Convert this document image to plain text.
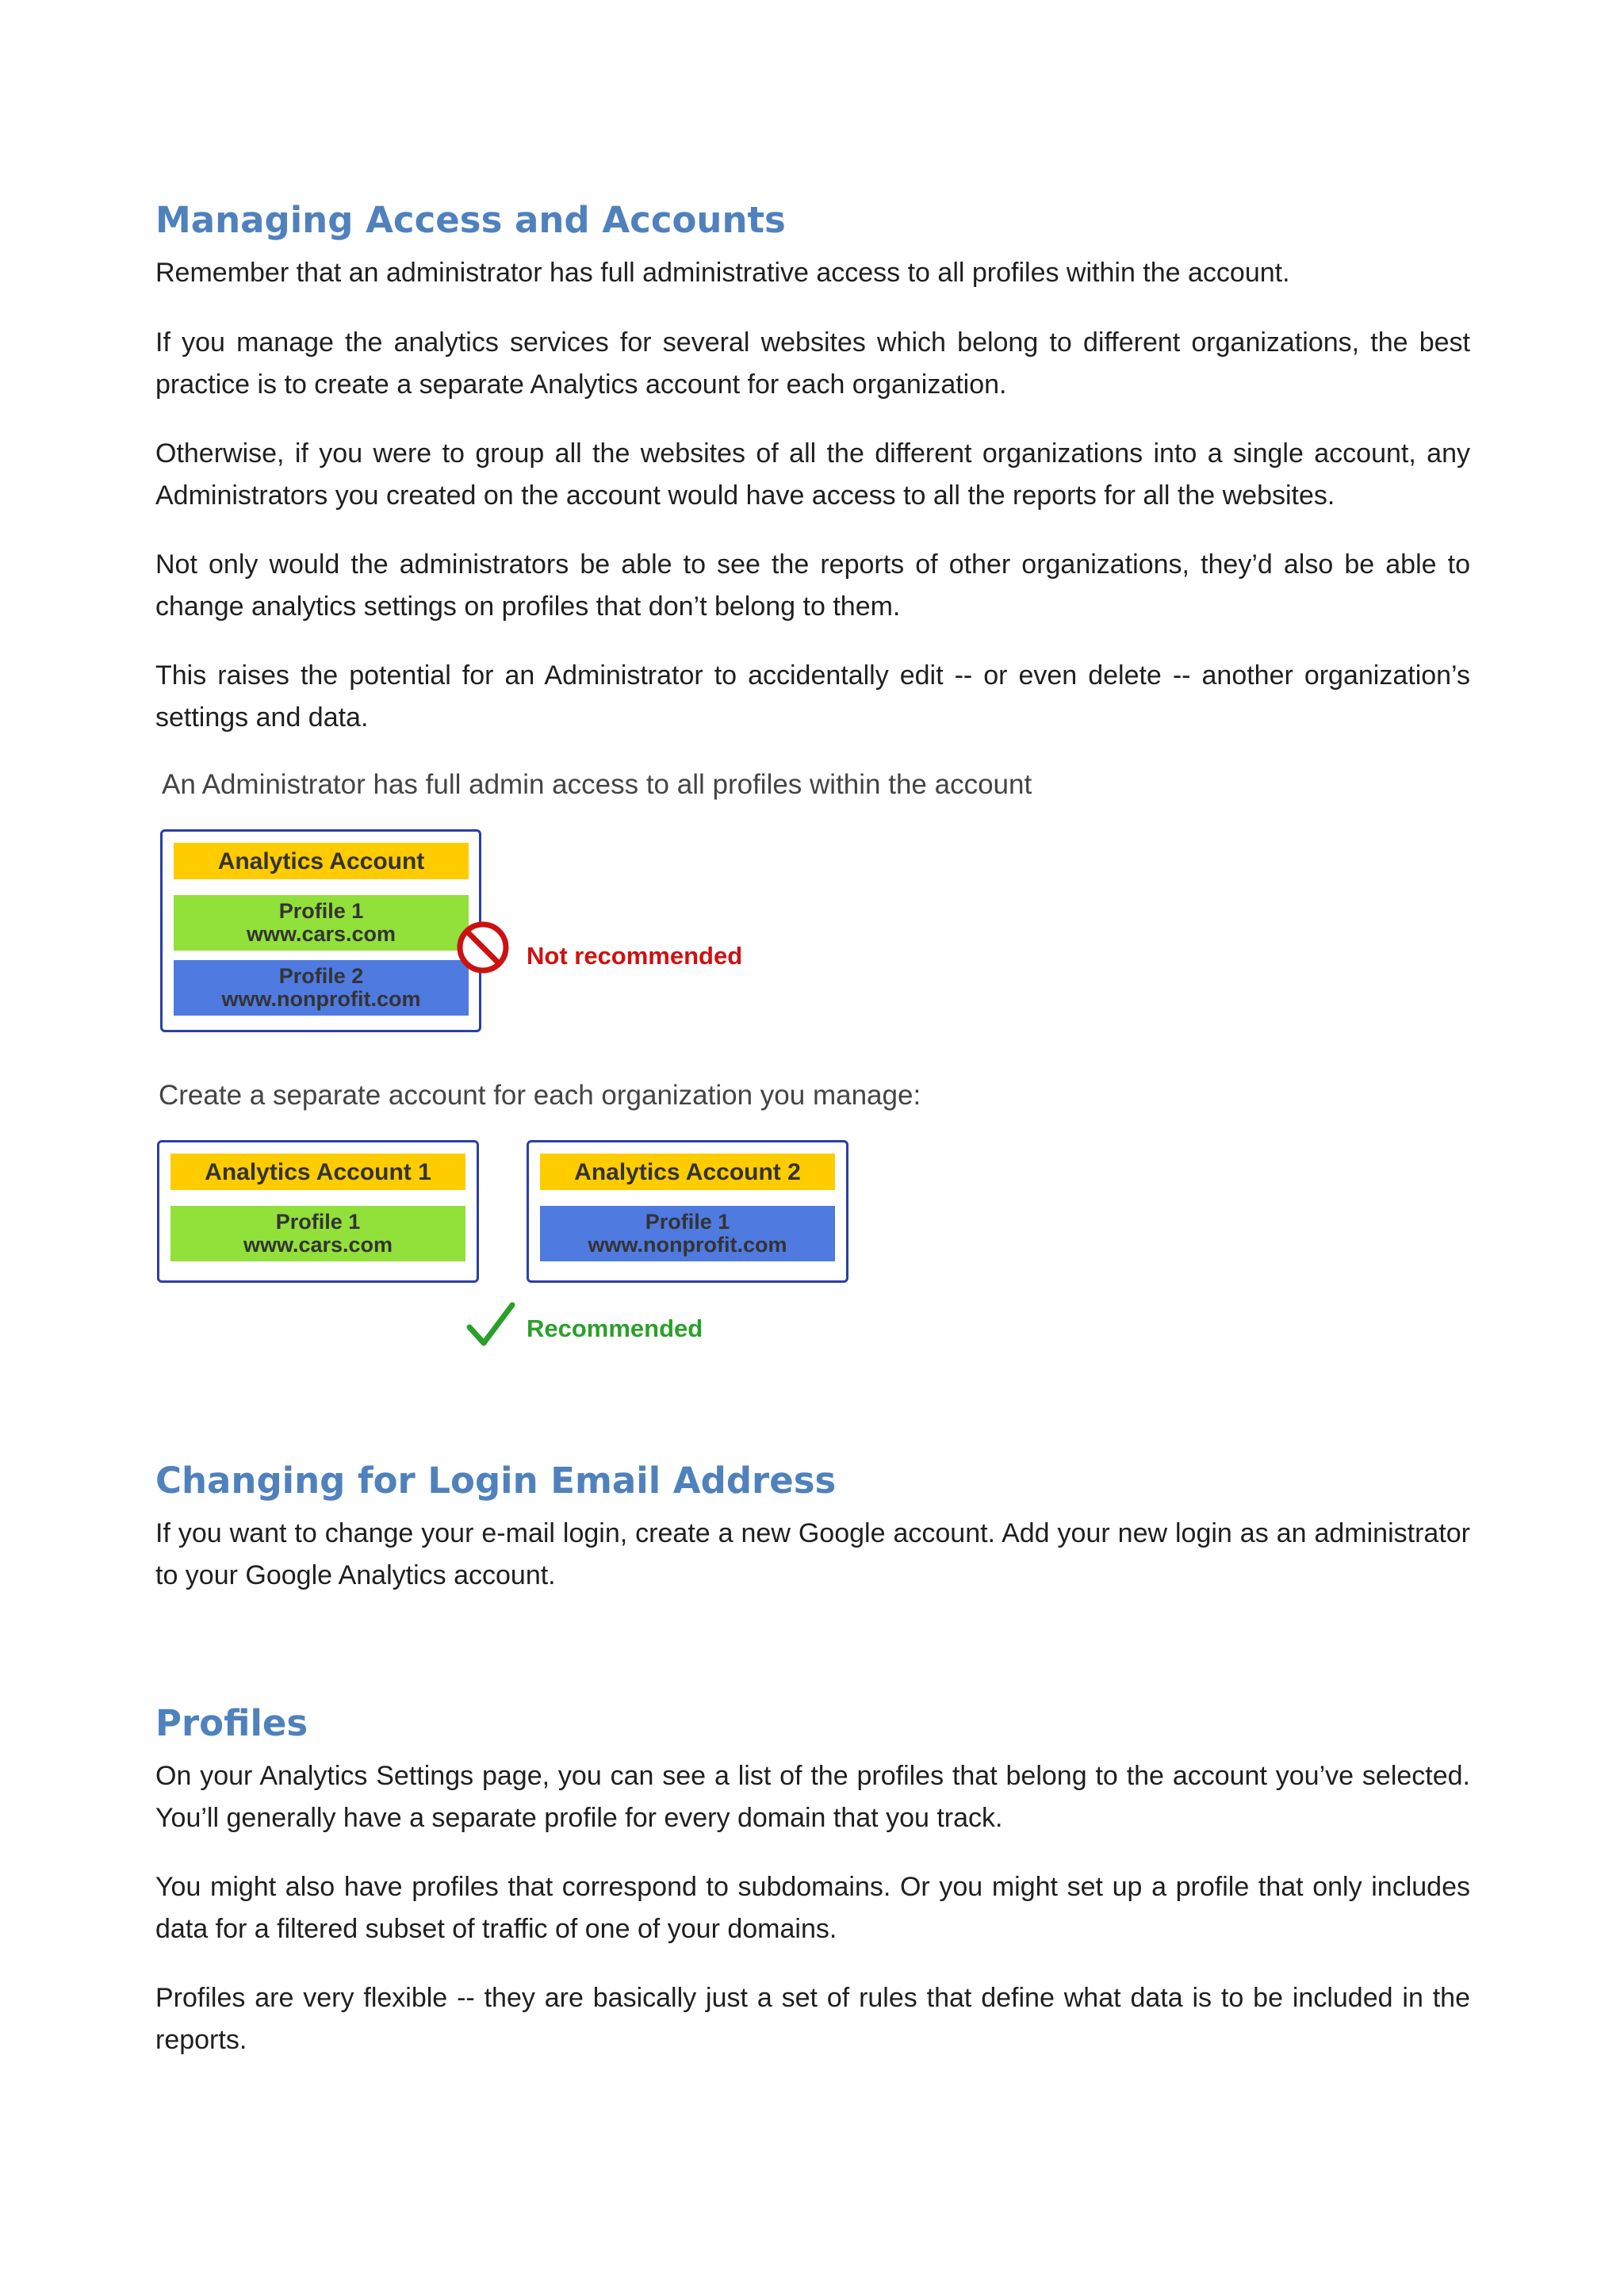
Managing Access and Accounts

Remember that an administrator has full administrative access to all profiles within the account.

If you manage the analytics services for several websites which belong to different organizations, the best practice is to create a separate Analytics account for each organization.

Otherwise, if you were to group all the websites of all the different organizations into a single account, any Administrators you created on the account would have access to all the reports for all the websites.

Not only would the administrators be able to see the reports of other organizations, they’d also be able to change analytics settings on profiles that don’t belong to them.

This raises the potential for an Administrator to accidentally edit -- or even delete -- another organization’s settings and data.

An Administrator has full admin access to all profiles within the account
Analytics Account
Profile 1
www.cars.com
Profile 2
www.nonprofit.com
Not recommended
Create a separate account for each organization you manage:
Analytics Account 1
Profile 1
www.cars.com
Analytics Account 2
Profile 1
www.nonprofit.com
Recommended
Changing for Login Email Address

If you want to change your e-mail login, create a new Google account. Add your new login as an administrator to your Google Analytics account.

Profiles

On your Analytics Settings page, you can see a list of the profiles that belong to the account you’ve selected. You’ll generally have a separate profile for every domain that you track.

You might also have profiles that correspond to subdomains. Or you might set up a profile that only includes data for a filtered subset of traffic of one of your domains.

Profiles are very flexible -- they are basically just a set of rules that define what data is to be included in the reports.
